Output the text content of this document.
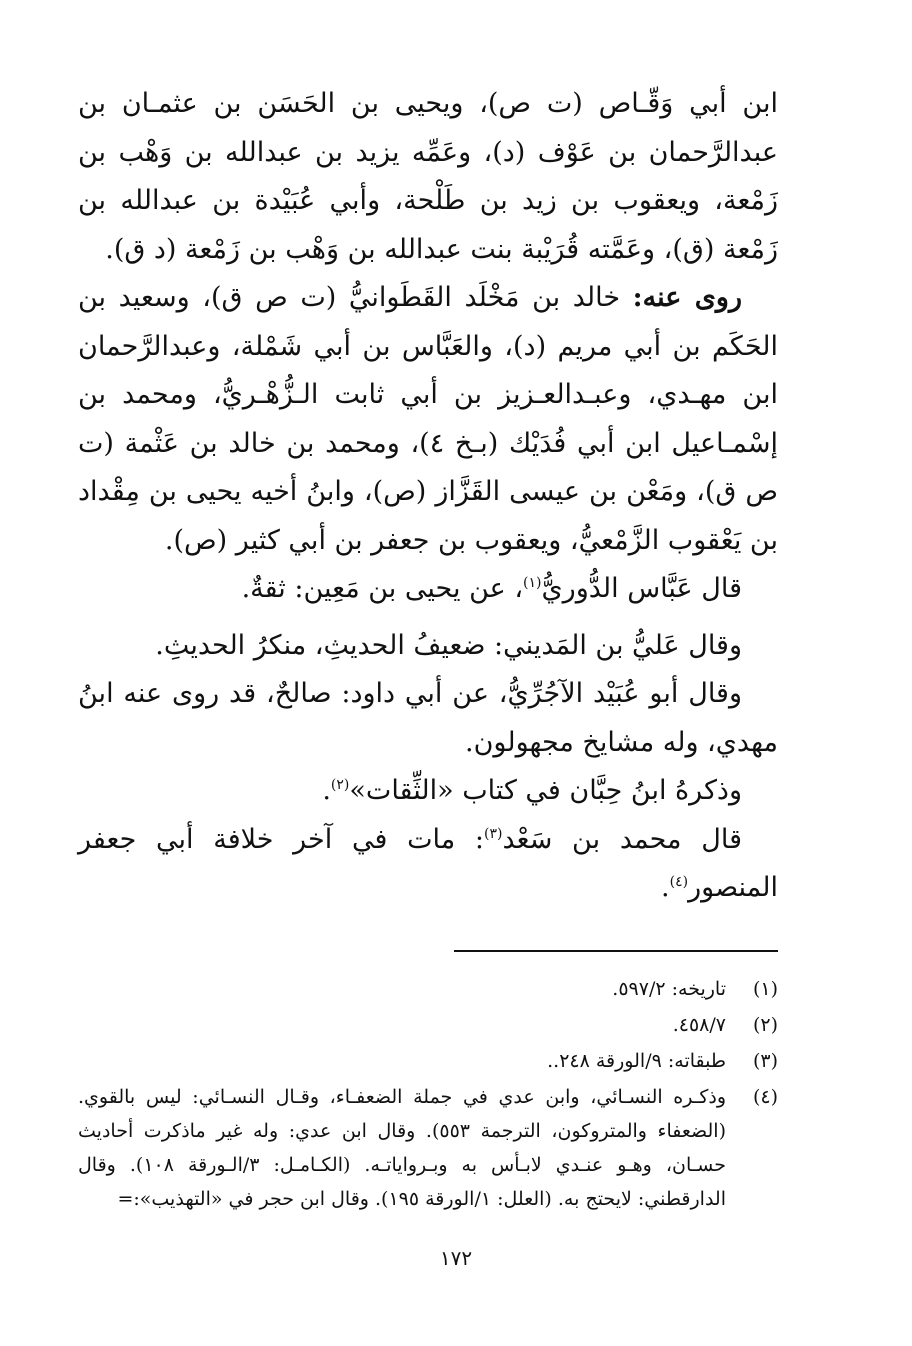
ابن أبي وَقّـاص (ت ص)، ويحيى بن الحَسَن بن عثمـان بن عبدالرَّحمان بن عَوْف (د)، وعَمِّه يزيد بن عبدالله بن وَهْب بن زَمْعة، ويعقوب بن زيد بن طَلْحة، وأبي عُبَيْدة بن عبدالله بن زَمْعة (ق)، وعَمَّته قُرَيْبة بنت عبدالله بن وَهْب بن زَمْعة (د ق).

روى عنه: خالد بن مَخْلَد القَطَوانيُّ (ت ص ق)، وسعيد بن الحَكَم بن أبي مريم (د)، والعَبَّاس بن أبي شَمْلة، وعبدالرَّحمان ابن مهـدي، وعبـدالعـزيز بن أبي ثابت الـزُّهْـريُّ، ومحمد بن إسْمـاعيل ابن أبي فُدَيْك (بـخ ٤)، ومحمد بن خالد بن عَثْمة (ت ص ق)، ومَعْن بن عيسى القَزَّاز (ص)، وابنُ أخيه يحيى بن مِقْداد بن يَعْقوب الزَّمْعيُّ، ويعقوب بن جعفر بن أبي كثير (ص).

قال عَبَّاس الدُّوريُّ$^{(١)}$، عن يحيى بن مَعِين: ثقةٌ.

وقال عَليُّ بن المَديني: ضعيفُ الحديثِ، منكرُ الحديثِ.

وقال أبو عُبَيْد الآجُرِّيُّ، عن أبي داود: صالحٌ، قد روى عنه ابنُ مهدي، وله مشايخ مجهولون.

وذكرهُ ابنُ حِبَّان في كتاب «الثِّقات»$^{(٢)}$.

قال محمد بن سَعْد$^{(٣)}$: مات في آخر خلافة أبي جعفر المنصور$^{(٤)}$.

(١)
تاريخه: ٥٩٧/٢.
(٢)
٤٥٨/٧.
(٣)
طبقاته: ٩/الورقة ٢٤٨..
(٤)
وذكـره النسـائي، وابن عدي في جملة الضعفـاء، وقـال النسـائي: ليس بالقوي. (الضعفاء والمتروكون، الترجمة ٥٥٣). وقال ابن عدي: وله غير ماذكرت أحاديث حسـان، وهـو عنـدي لابـأس به وبـرواياتـه. (الكـامـل: ٣/الـورقة ١٠٨). وقال الدارقطني: لايحتج به. (العلل: ١/الورقة ١٩٥). وقال ابن حجر في «التهذيب»:=
١٧٢
